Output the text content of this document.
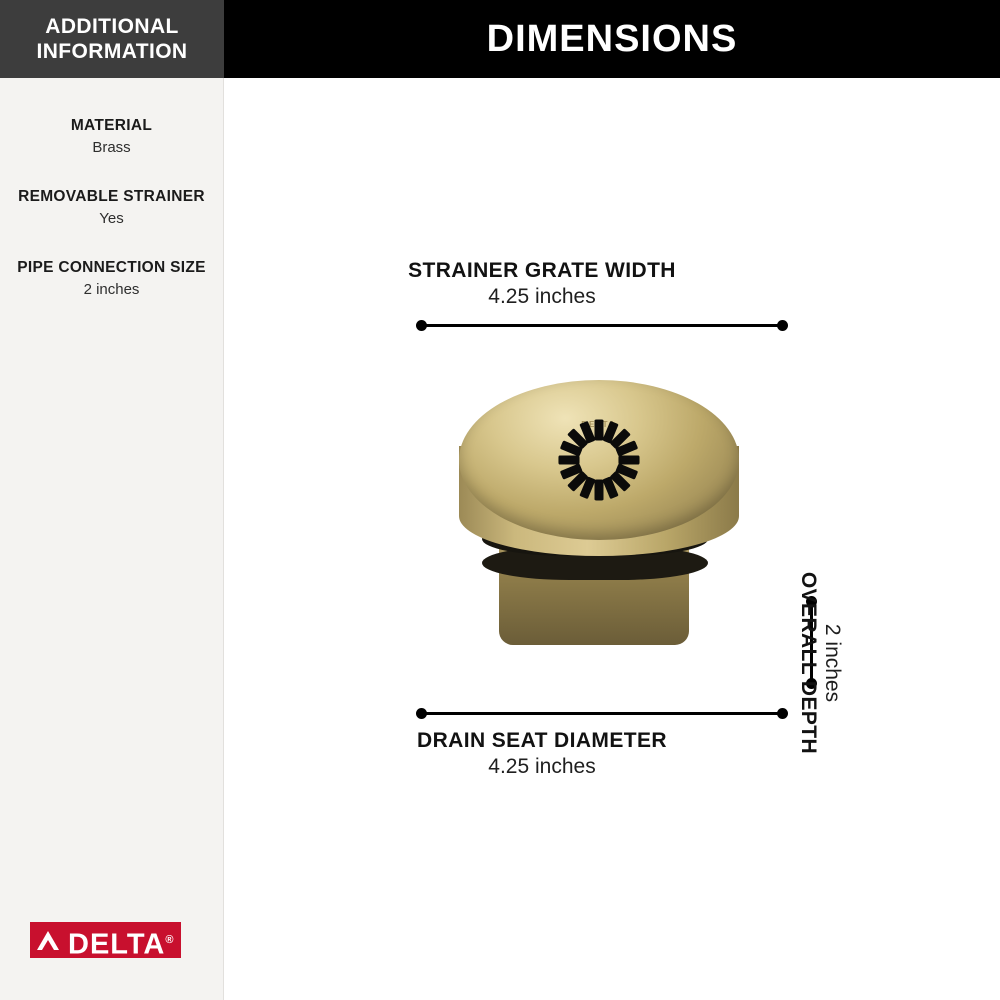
ADDITIONAL
INFORMATION
MATERIAL
Brass
REMOVABLE STRAINER
Yes
PIPE CONNECTION SIZE
2 inches
DELTA®
DIMENSIONS
STRAINER GRATE WIDTH
4.25 inches
DRAIN SEAT DIAMETER
4.25 inches
2 inches
OVERALL DEPTH
